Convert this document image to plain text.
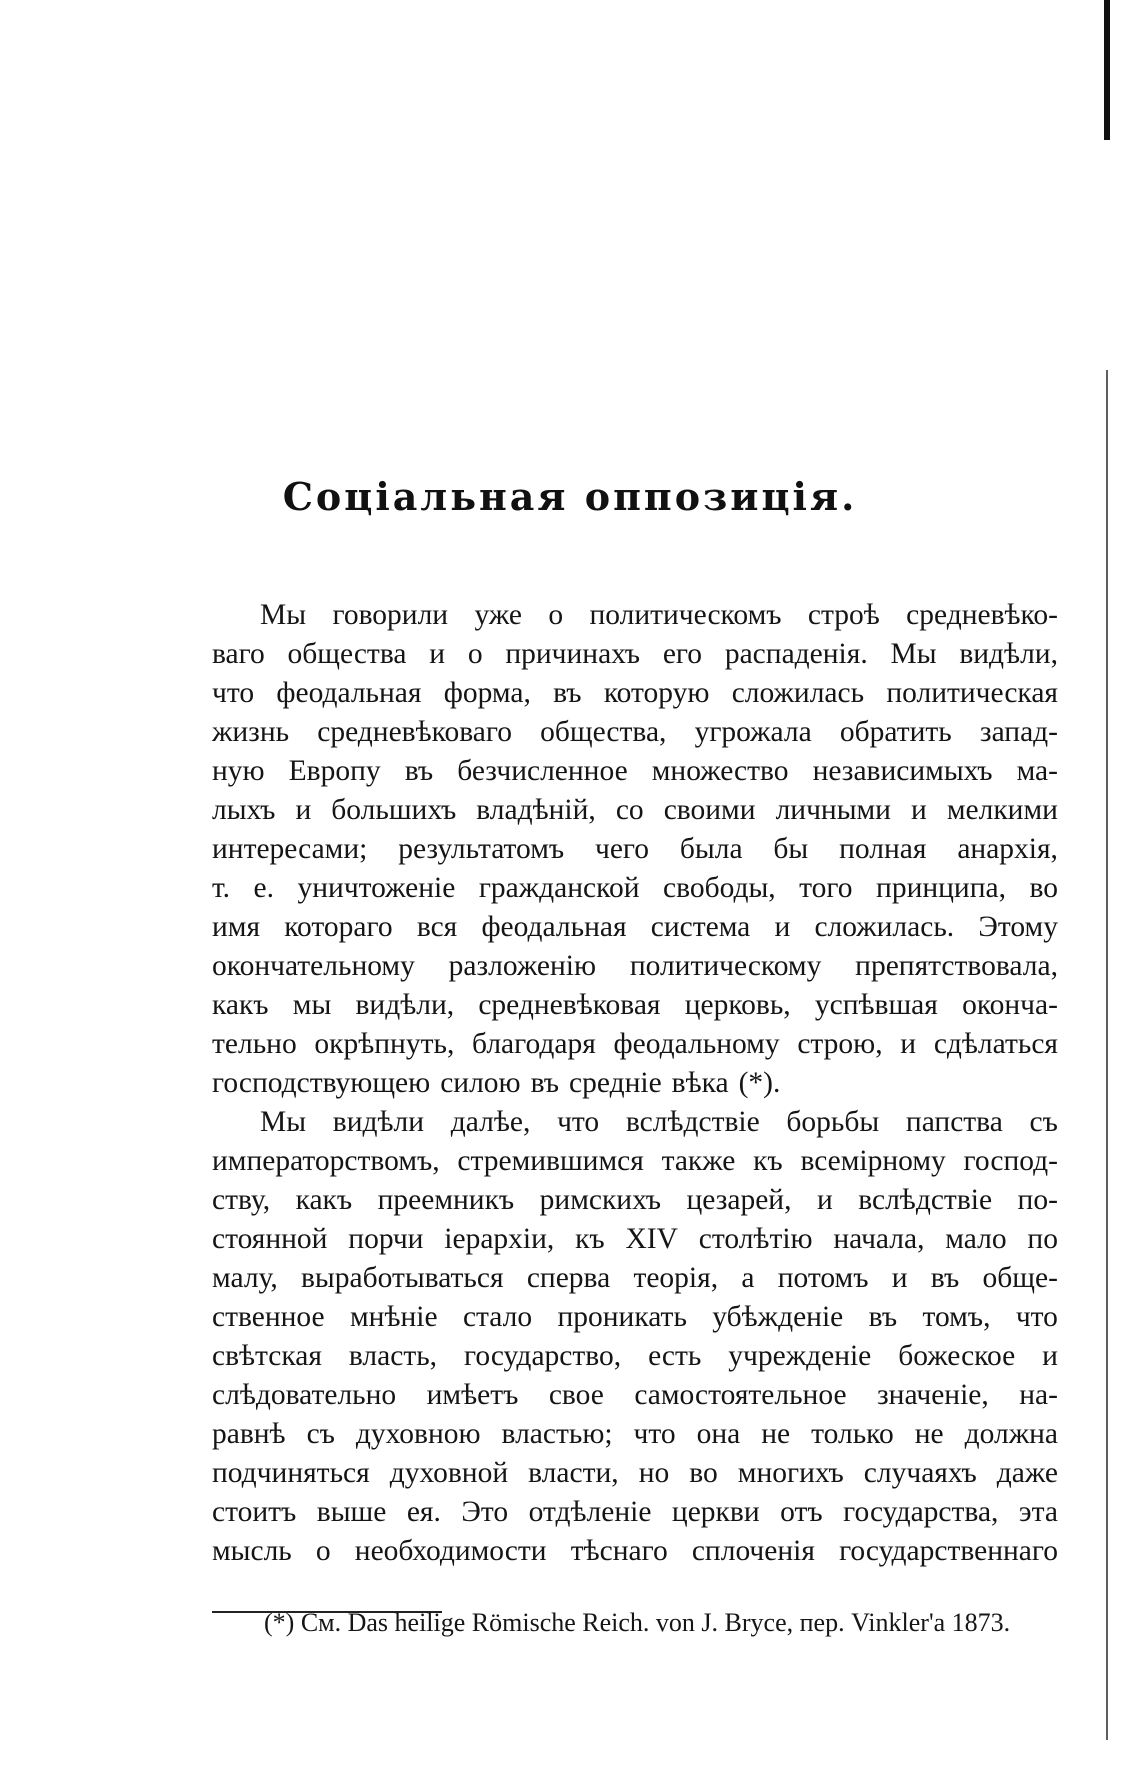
Соціальная оппозиція.
Мы говорили уже о политическомъ строѣ средневѣко-
ваго общества и о причинахъ его распаденія. Мы видѣли,
что феодальная форма, въ которую сложилась политическая
жизнь средневѣковаго общества, угрожала обратить запад-
ную Европу въ безчисленное множество независимыхъ ма-
лыхъ и большихъ владѣній, со своими личными и мелкими
интересами; результатомъ чего была бы полная анархія,
т. е. уничтоженіе гражданской свободы, того принципа, во
имя котораго вся феодальная система и сложилась. Этому
окончательному разложенію политическому препятствовала,
какъ мы видѣли, средневѣковая церковь, успѣвшая оконча-
тельно окрѣпнуть, благодаря феодальному строю, и сдѣлаться
господствующею силою въ средніе вѣка (*).
Мы видѣли далѣе, что вслѣдствіе борьбы папства съ
императорствомъ, стремившимся также къ всемірному господ-
ству, какъ преемникъ римскихъ цезарей, и вслѣдствіе по-
стоянной порчи іерархіи, къ XIV столѣтію начала, мало по
малу, выработываться сперва теорія, а потомъ и въ обще-
ственное мнѣніе стало проникать убѣжденіе въ томъ, что
свѣтская власть, государство, есть учрежденіе божеское и
слѣдовательно имѣетъ свое самостоятельное значеніе, на-
равнѣ съ духовною властью; что она не только не должна
подчиняться духовной власти, но во многихъ случаяхъ даже
стоитъ выше ея. Это отдѣленіе церкви отъ государства, эта
мысль о необходимости тѣснаго сплоченія государственнаго
(*) См. Das heilige Römische Reich. von J. Bryce, пер. Vinkler'a 1873.
